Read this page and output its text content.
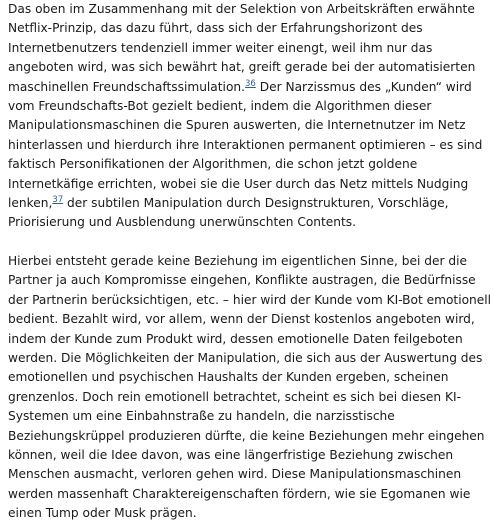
Das oben im Zusammenhang mit der Selektion von Arbeitskräften erwähnte Netflix-Prinzip, das dazu führt, dass sich der Erfahrungshorizont des Internetbenutzers tendenziell immer weiter einengt, weil ihm nur das angeboten wird, was sich bewährt hat, greift gerade bei der automatisierten maschinellen Freundschaftssimulation.$^{36}$ Der Narzissmus des „Kunden“ wird vom Freundschafts-Bot gezielt bedient, indem die Algorithmen dieser Manipulationsmaschinen die Spuren auswerten, die Internetnutzer im Netz hinterlassen und hierdurch ihre Interaktionen permanent optimieren – es sind faktisch Personifikationen der Algorithmen, die schon jetzt goldene Internetkäfige errichten, wobei sie die User durch das Netz mittels Nudging lenken,$^{37}$ der subtilen Manipulation durch Designstrukturen, Vorschläge, Priorisierung und Ausblendung unerwünschten Contents.

Hierbei entsteht gerade keine Beziehung im eigentlichen Sinne, bei der die Partner ja auch Kompromisse eingehen, Konflikte austragen, die Bedürfnisse der Partnerin berücksichtigen, etc. – hier wird der Kunde vom KI-Bot emotionell bedient. Bezahlt wird, vor allem, wenn der Dienst kostenlos angeboten wird, indem der Kunde zum Produkt wird, dessen emotionelle Daten feilgeboten werden. Die Möglichkeiten der Manipulation, die sich aus der Auswertung des emotionellen und psychischen Haushalts der Kunden ergeben, scheinen grenzenlos. Doch rein emotionell betrachtet, scheint es sich bei diesen KI-Systemen um eine Einbahnstraße zu handeln, die narzisstische Beziehungskrüppel produzieren dürfte, die keine Beziehungen mehr eingehen können, weil die Idee davon, was eine längerfristige Beziehung zwischen Menschen ausmacht, verloren gehen wird. Diese Manipulationsmaschinen werden massenhaft Charaktereigenschaften fördern, wie sie Egomanen wie einen Tump oder Musk prägen.
